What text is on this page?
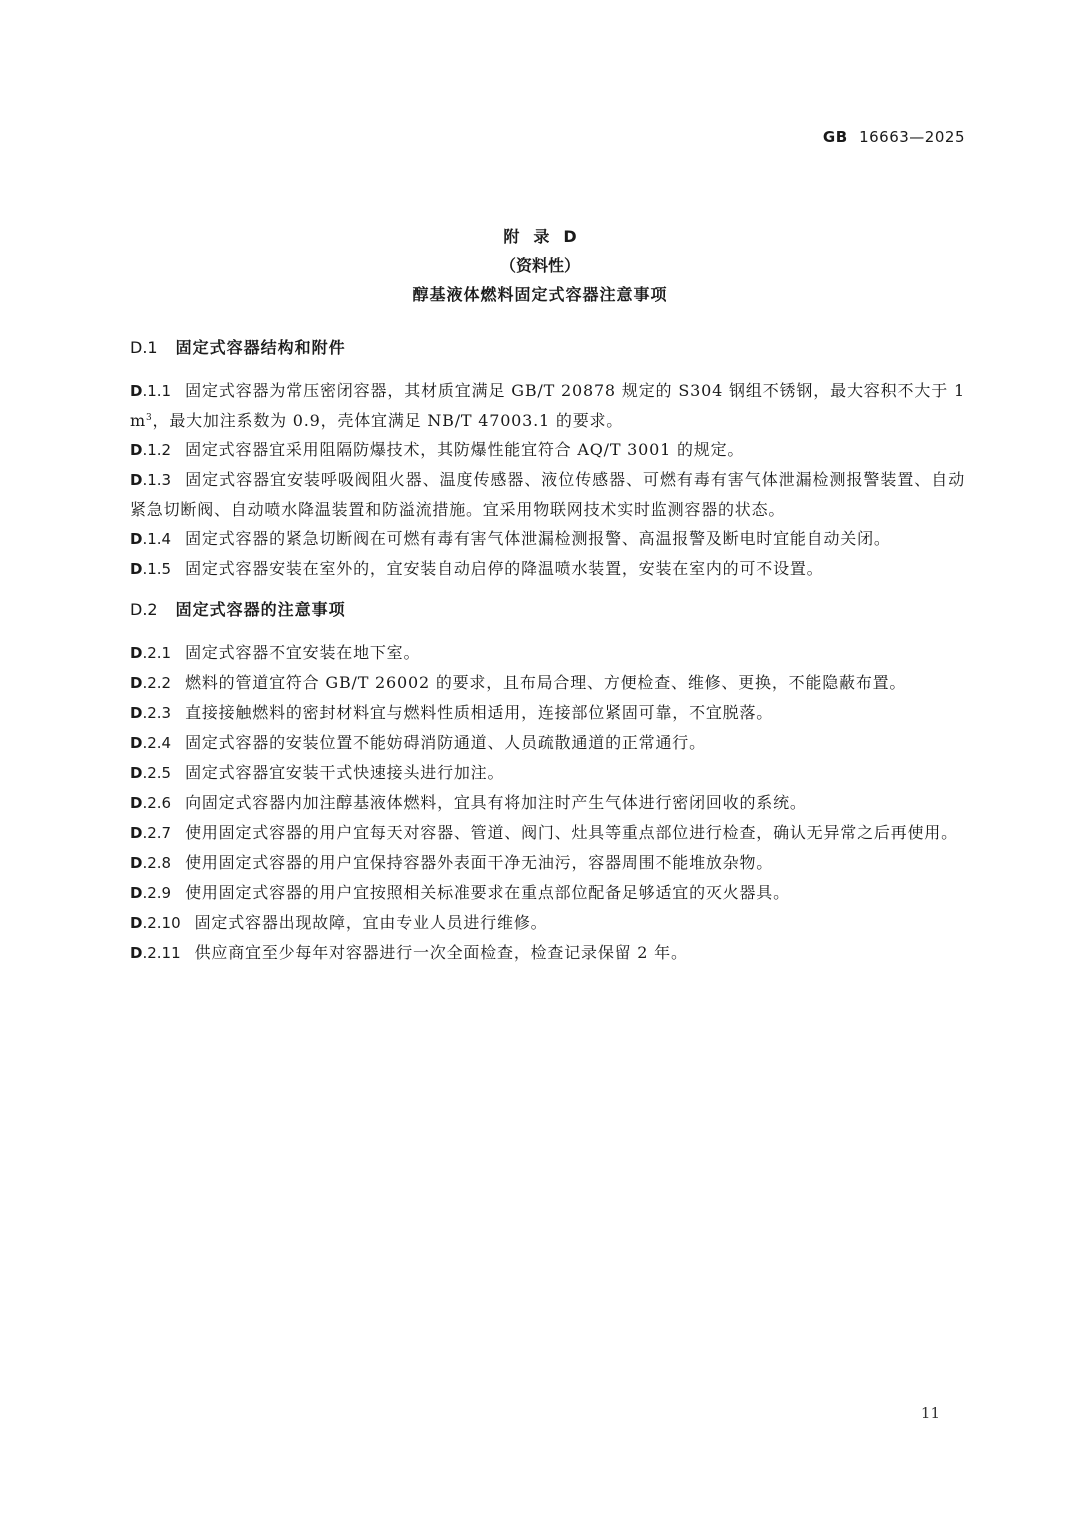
GB 16663—2025
附录D
（资料性）
醇基液体燃料固定式容器注意事项
D.1 固定式容器结构和附件
D.1.1 固定式容器为常压密闭容器，其材质宜满足 GB/T 20878 规定的 S304 钢组不锈钢，最大容积不大于 1 $m^3$，最大加注系数为 0.9，壳体宜满足 NB/T 47003.1 的要求。
D.1.2 固定式容器宜采用阻隔防爆技术，其防爆性能宜符合 AQ/T 3001 的规定。
D.1.3 固定式容器宜安装呼吸阀阻火器、温度传感器、液位传感器、可燃有毒有害气体泄漏检测报警装置、自动紧急切断阀、自动喷水降温装置和防溢流措施。宜采用物联网技术实时监测容器的状态。
D.1.4 固定式容器的紧急切断阀在可燃有毒有害气体泄漏检测报警、高温报警及断电时宜能自动关闭。
D.1.5 固定式容器安装在室外的，宜安装自动启停的降温喷水装置，安装在室内的可不设置。
D.2 固定式容器的注意事项
D.2.1 固定式容器不宜安装在地下室。
D.2.2 燃料的管道宜符合 GB/T 26002 的要求，且布局合理、方便检查、维修、更换，不能隐蔽布置。
D.2.3 直接接触燃料的密封材料宜与燃料性质相适用，连接部位紧固可靠，不宜脱落。
D.2.4 固定式容器的安装位置不能妨碍消防通道、人员疏散通道的正常通行。
D.2.5 固定式容器宜安装干式快速接头进行加注。
D.2.6 向固定式容器内加注醇基液体燃料，宜具有将加注时产生气体进行密闭回收的系统。
D.2.7 使用固定式容器的用户宜每天对容器、管道、阀门、灶具等重点部位进行检查，确认无异常之后再使用。
D.2.8 使用固定式容器的用户宜保持容器外表面干净无油污，容器周围不能堆放杂物。
D.2.9 使用固定式容器的用户宜按照相关标准要求在重点部位配备足够适宜的灭火器具。
D.2.10 固定式容器出现故障，宜由专业人员进行维修。
D.2.11 供应商宜至少每年对容器进行一次全面检查，检查记录保留 2 年。
11
